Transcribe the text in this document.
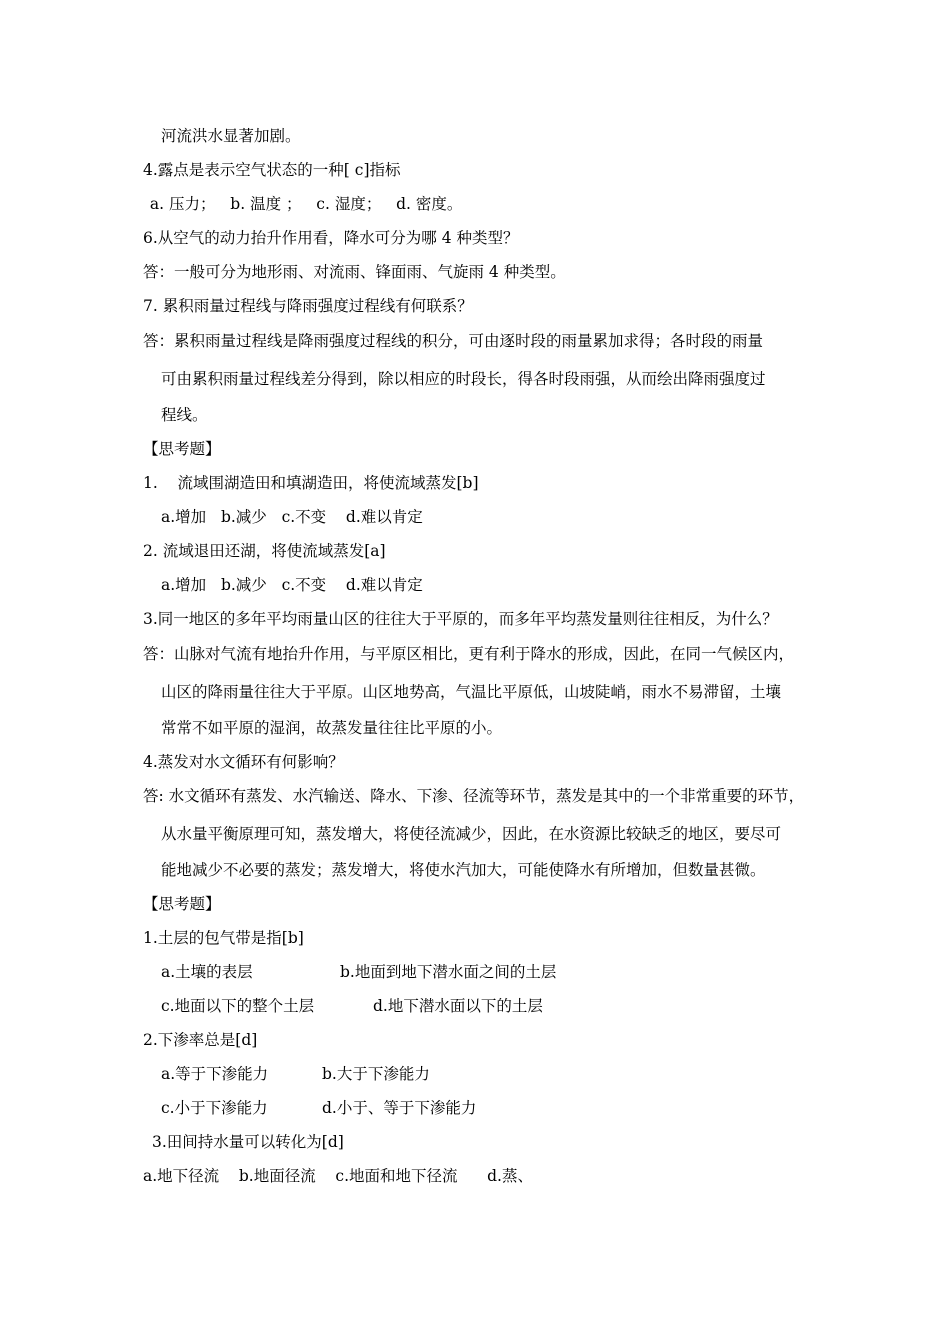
河流洪水显著加剧。
4.露点是表示空气状态的一种[ c]指标
a. 压力；   b. 温度 ；   c. 湿度；   d. 密度。
6.从空气的动力抬升作用看，降水可分为哪 4 种类型？
答：一般可分为地形雨、对流雨、锋面雨、气旋雨 4 种类型。
7. 累积雨量过程线与降雨强度过程线有何联系？
答：累积雨量过程线是降雨强度过程线的积分，可由逐时段的雨量累加求得；各时段的雨量
可由累积雨量过程线差分得到，除以相应的时段长，得各时段雨强，从而绘出降雨强度过
程线。
【思考题】
1.    流域围湖造田和填湖造田，将使流域蒸发[b]
a.增加   b.减少   c.不变    d.难以肯定
2. 流域退田还湖，将使流域蒸发[a]
a.增加   b.减少   c.不变    d.难以肯定
3.同一地区的多年平均雨量山区的往往大于平原的，而多年平均蒸发量则往往相反，为什么？
答：山脉对气流有地抬升作用，与平原区相比，更有利于降水的形成，因此，在同一气候区内，
山区的降雨量往往大于平原。山区地势高，气温比平原低，山坡陡峭，雨水不易滞留，土壤
常常不如平原的湿润，故蒸发量往往比平原的小。
4.蒸发对水文循环有何影响？
答: 水文循环有蒸发、水汽输送、降水、下渗、径流等环节，蒸发是其中的一个非常重要的环节，
从水量平衡原理可知，蒸发增大，将使径流减少，因此，在水资源比较缺乏的地区，要尽可
能地减少不必要的蒸发；蒸发增大，将使水汽加大，可能使降水有所增加，但数量甚微。
【思考题】
1.土层的包气带是指[b]
a.土壤的表层	b.地面到地下潜水面之间的土层
c.地面以下的整个土层	d.地下潜水面以下的土层
2.下渗率总是[d]
a.等于下渗能力	b.大于下渗能力
c.小于下渗能力	d.小于、等于下渗能力
3.田间持水量可以转化为[d]
a.地下径流    b.地面径流    c.地面和地下径流      d.蒸、
